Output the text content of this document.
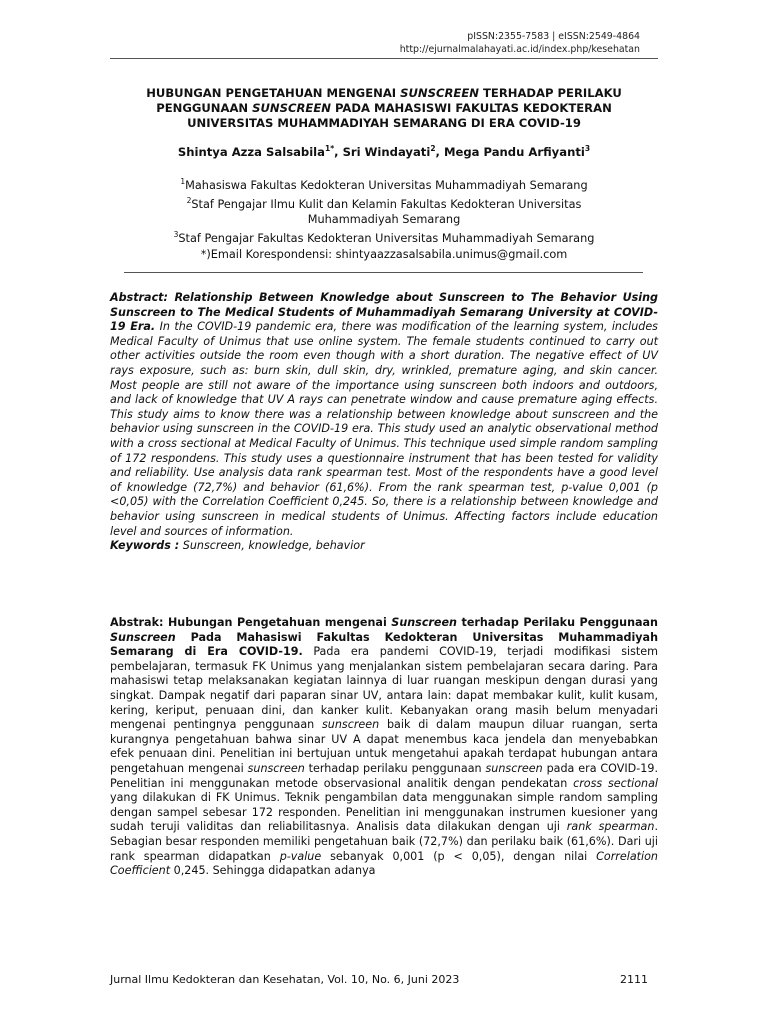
pISSN:2355-7583 | eISSN:2549-4864
http://ejurnalmalahayati.ac.id/index.php/kesehatan
HUBUNGAN PENGETAHUAN MENGENAI SUNSCREEN TERHADAP PERILAKU
PENGGUNAAN SUNSCREEN PADA MAHASISWI FAKULTAS KEDOKTERAN
UNIVERSITAS MUHAMMADIYAH SEMARANG DI ERA COVID-19
Shintya Azza Salsabila$^{1*}$, Sri Windayati$^2$, Mega Pandu Arfiyanti$^3$
$^1$Mahasiswa Fakultas Kedokteran Universitas Muhammadiyah Semarang
$^2$Staf Pengajar Ilmu Kulit dan Kelamin Fakultas Kedokteran Universitas
Muhammadiyah Semarang
$^3$Staf Pengajar Fakultas Kedokteran Universitas Muhammadiyah Semarang
*)Email Korespondensi: shintyaazzasalsabila.unimus@gmail.com
Abstract: Relationship Between Knowledge about Sunscreen to The Behavior Using Sunscreen to The Medical Students of Muhammadiyah Semarang University at COVID-19 Era. In the COVID-19 pandemic era, there was modification of the learning system, includes Medical Faculty of Unimus that use online system. The female students continued to carry out other activities outside the room even though with a short duration. The negative effect of UV rays exposure, such as: burn skin, dull skin, dry, wrinkled, premature aging, and skin cancer. Most people are still not aware of the importance using sunscreen both indoors and outdoors, and lack of knowledge that UV A rays can penetrate window and cause premature aging effects. This study aims to know there was a relationship between knowledge about sunscreen and the behavior using sunscreen in the COVID-19 era. This study used an analytic observational method with a cross sectional at Medical Faculty of Unimus. This technique used simple random sampling of 172 respondens. This study uses a questionnaire instrument that has been tested for validity and reliability. Use analysis data rank spearman test. Most of the respondents have a good level of knowledge (72,7%) and behavior (61,6%). From the rank spearman test, p-value 0,001 (p <0,05) with the Correlation Coefficient 0,245. So, there is a relationship between knowledge and behavior using sunscreen in medical students of Unimus. Affecting factors include education level and sources of information.
Keywords : Sunscreen, knowledge, behavior
Abstrak: Hubungan Pengetahuan mengenai Sunscreen terhadap Perilaku Penggunaan Sunscreen Pada Mahasiswi Fakultas Kedokteran Universitas Muhammadiyah Semarang di Era COVID-19. Pada era pandemi COVID-19, terjadi modifikasi sistem pembelajaran, termasuk FK Unimus yang menjalankan sistem pembelajaran secara daring. Para mahasiswi tetap melaksanakan kegiatan lainnya di luar ruangan meskipun dengan durasi yang singkat. Dampak negatif dari paparan sinar UV, antara lain: dapat membakar kulit, kulit kusam, kering, keriput, penuaan dini, dan kanker kulit. Kebanyakan orang masih belum menyadari mengenai pentingnya penggunaan sunscreen baik di dalam maupun diluar ruangan, serta kurangnya pengetahuan bahwa sinar UV A dapat menembus kaca jendela dan menyebabkan efek penuaan dini. Penelitian ini bertujuan untuk mengetahui apakah terdapat hubungan antara pengetahuan mengenai sunscreen terhadap perilaku penggunaan sunscreen pada era COVID-19. Penelitian ini menggunakan metode observasional analitik dengan pendekatan cross sectional yang dilakukan di FK Unimus. Teknik pengambilan data menggunakan simple random sampling dengan sampel sebesar 172 responden. Penelitian ini menggunakan instrumen kuesioner yang sudah teruji validitas dan reliabilitasnya. Analisis data dilakukan dengan uji rank spearman. Sebagian besar responden memiliki pengetahuan baik (72,7%) dan perilaku baik (61,6%). Dari uji rank spearman didapatkan p-value sebanyak 0,001 (p < 0,05), dengan nilai Correlation Coefficient 0,245. Sehingga didapatkan adanya
Jurnal Ilmu Kedokteran dan Kesehatan, Vol. 10, No. 6, Juni 2023	2111
